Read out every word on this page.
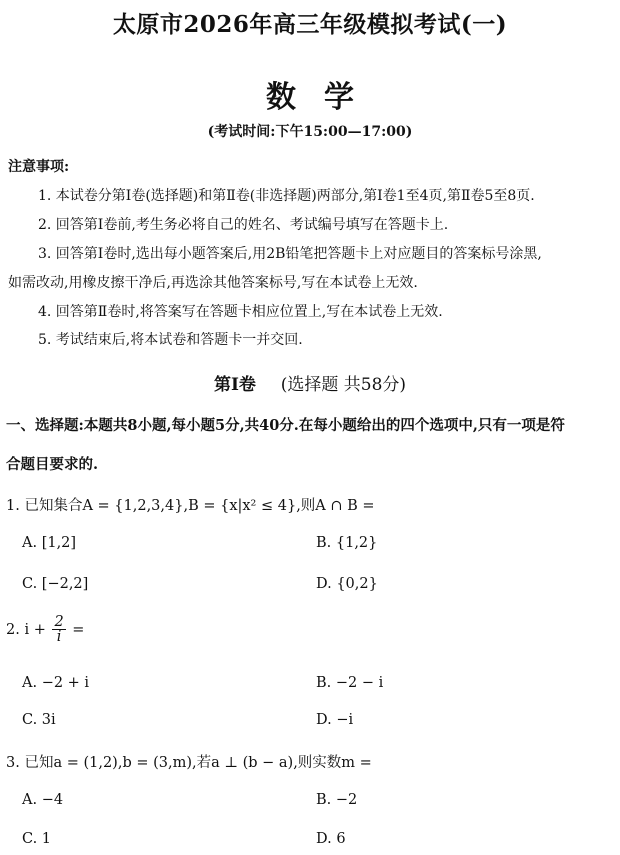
太原市2026年高三年级模拟考试(一)
数学
(考试时间:下午15:00—17:00)
注意事项:
1. 本试卷分第Ⅰ卷(选择题)和第Ⅱ卷(非选择题)两部分,第Ⅰ卷1至4页,第Ⅱ卷5至8页.
2. 回答第Ⅰ卷前,考生务必将自己的姓名、考试编号填写在答题卡上.
3. 回答第Ⅰ卷时,选出每小题答案后,用2B铅笔把答题卡上对应题目的答案标号涂黑,
如需改动,用橡皮擦干净后,再选涂其他答案标号,写在本试卷上无效.
4. 回答第Ⅱ卷时,将答案写在答题卡相应位置上,写在本试卷上无效.
5. 考试结束后,将本试卷和答题卡一并交回.
第Ⅰ卷 (选择题 共58分)
一、选择题:本题共8小题,每小题5分,共40分.在每小题给出的四个选项中,只有一项是符
合题目要求的.
1. 已知集合A = {1,2,3,4},B = {x|x² ≤ 4},则A ∩ B =
A. [1,2]	B. {1,2}
C. [−2,2]	D. {0,2}
2. $i + \frac{2}{i}$ =
A. −2 + i	B. −2 − i
C. 3i	D. −i
3. 已知a = (1,2),b = (3,m),若a ⊥ (b − a),则实数m =
A. −4	B. −2
C. 1	D. 6
